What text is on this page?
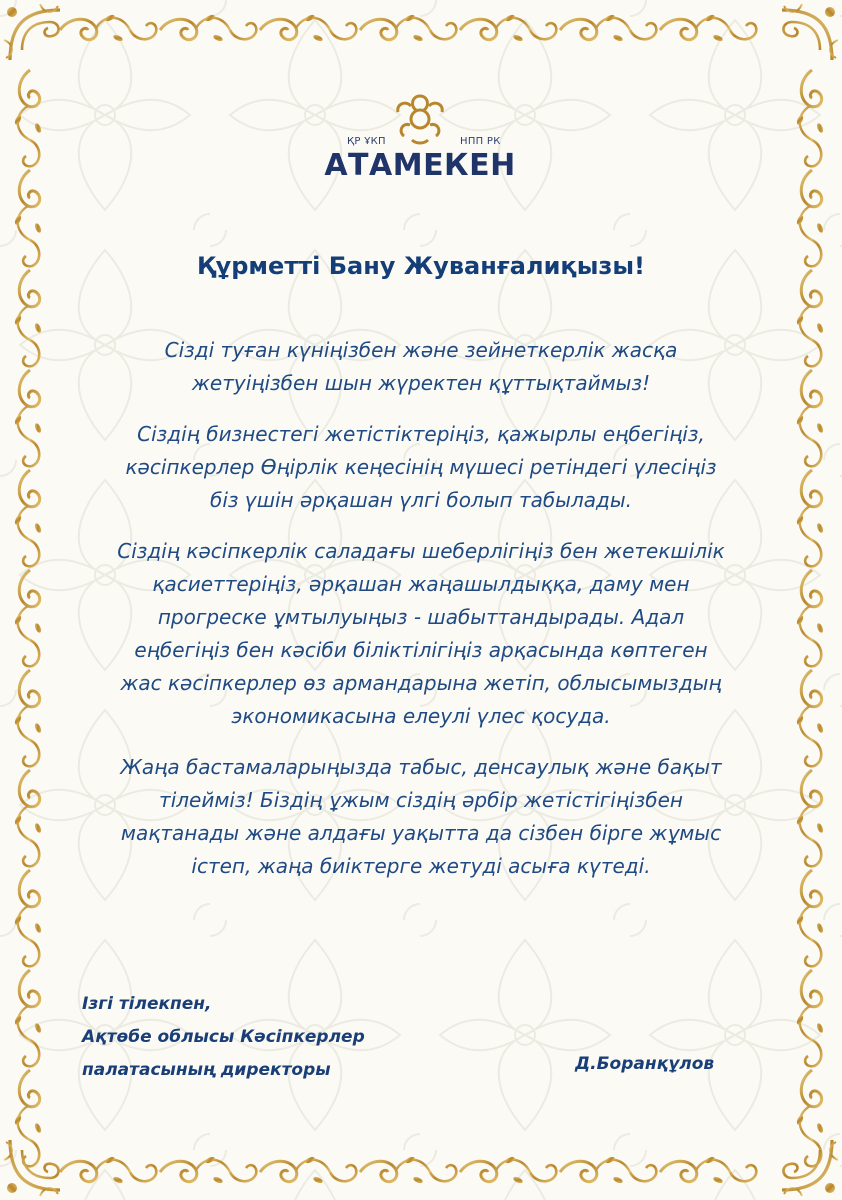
ҚР ҰКП	НПП РК
АТАМЕКЕН
Құрметті Бану Жуванғалиқызы!

Сізді туған күніңізбен және зейнеткерлік жасқа
жетуіңізбен шын жүректен құттықтаймыз!

Сіздің бизнестегі жетістіктеріңіз, қажырлы еңбегіңіз,
кәсіпкерлер Өңірлік кеңесінің мүшесі ретіндегі үлесіңіз
біз үшін әрқашан үлгі болып табылады.

Сіздің кәсіпкерлік саладағы шеберлігіңіз бен жетекшілік
қасиеттеріңіз, әрқашан жаңашылдыққа, даму мен
прогреске ұмтылуыңыз - шабыттандырады. Адал
еңбегіңіз бен кәсіби біліктілігіңіз арқасында көптеген
жас кәсіпкерлер өз армандарына жетіп, облысымыздың
экономикасына елеулі үлес қосуда.

Жаңа бастамаларыңызда табыс, денсаулық және бақыт
тілейміз! Біздің ұжым сіздің әрбір жетістігіңізбен
мақтанады және алдағы уақытта да сізбен бірге жұмыс
істеп, жаңа биіктерге жетуді асыға күтеді.

Ізгі тілекпен,
Ақтөбе облысы Кәсіпкерлер
палатасының директоры	Д.Боранқұлов
